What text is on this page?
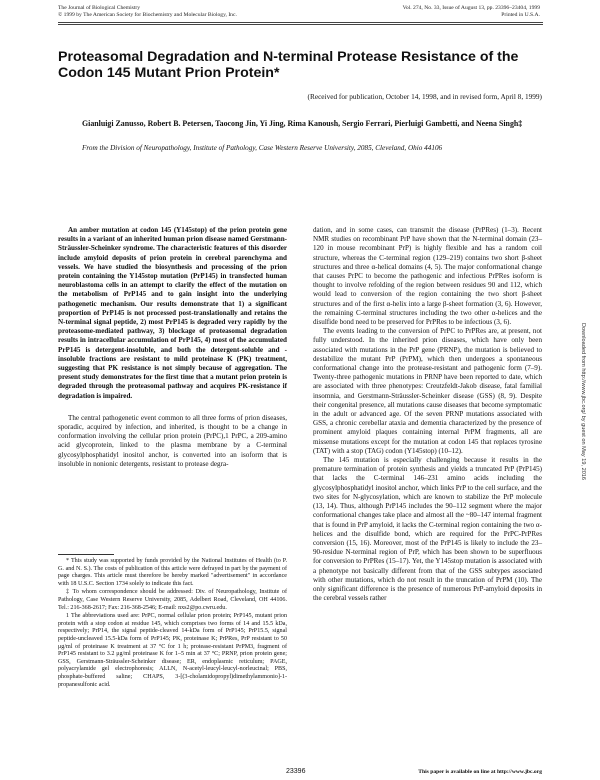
The Journal of Biological Chemistry
© 1999 by The American Society for Biochemistry and Molecular Biology, Inc.
Vol. 274, No. 33, Issue of August 13, pp. 23396–23404, 1999
Printed in U.S.A.
Proteasomal Degradation and N-terminal Protease Resistance of the Codon 145 Mutant Prion Protein*
(Received for publication, October 14, 1998, and in revised form, April 8, 1999)
Gianluigi Zanusso, Robert B. Petersen, Taocong Jin, Yi Jing, Rima Kanoush, Sergio Ferrari, Pierluigi Gambetti, and Neena Singh‡
From the Division of Neuropathology, Institute of Pathology, Case Western Reserve University, 2085, Cleveland, Ohio 44106

An amber mutation at codon 145 (Y145stop) of the prion protein gene results in a variant of an inherited human prion disease named Gerstmann-Sträussler-Scheinker syndrome. The characteristic features of this disorder include amyloid deposits of prion protein in cerebral parenchyma and vessels. We have studied the biosynthesis and processing of the prion protein containing the Y145stop mutation (PrP145) in transfected human neuroblastoma cells in an attempt to clarify the effect of the mutation on the metabolism of PrP145 and to gain insight into the underlying pathogenetic mechanism. Our results demonstrate that 1) a significant proportion of PrP145 is not processed post-translationally and retains the N-terminal signal peptide, 2) most PrP145 is degraded very rapidly by the proteasome-mediated pathway, 3) blockage of proteasomal degradation results in intracellular accumulation of PrP145, 4) most of the accumulated PrP145 is detergent-insoluble, and both the detergent-soluble and -insoluble fractions are resistant to mild proteinase K (PK) treatment, suggesting that PK resistance is not simply because of aggregation. The present study demonstrates for the first time that a mutant prion protein is degraded through the proteasomal pathway and acquires PK-resistance if degradation is impaired.

The central pathogenetic event common to all three forms of prion diseases, sporadic, acquired by infection, and inherited, is thought to be a change in conformation involving the cellular prion protein (PrPC),1 PrPC, a 209-amino acid glycoprotein, linked to the plasma membrane by a C-terminal glycosylphosphatidyl inositol anchor, is converted into an isoform that is insoluble in nonionic detergents, resistant to protease degra-

* This study was supported by funds provided by the National Institutes of Health (to P. G. and N. S.). The costs of publication of this article were defrayed in part by the payment of page charges. This article must therefore be hereby marked "advertisement" in accordance with 18 U.S.C. Section 1734 solely to indicate this fact.

‡ To whom correspondence should be addressed: Div. of Neuropathology, Institute of Pathology, Case Western Reserve University, 2085, Adelbert Road, Cleveland, OH 44106. Tel.: 216-368-2617; Fax: 216-368-2546; E-mail: nxs2@po.cwru.edu.

1 The abbreviations used are: PrPC, normal cellular prion protein; PrP145, mutant prion protein with a stop codon at residue 145, which comprises two forms of 14 and 15.5 kDa, respectively; PrP14, the signal peptide-cleaved 14-kDa form of PrP145; PrP15.5, signal peptide-uncleaved 15.5-kDa form of PrP145; PK, proteinase K; PrPRes, PrP resistant to 50 μg/ml of proteinase K treatment at 37 °C for 1 h; protease-resistant PrPM3, fragment of PrP145 resistant to 3.2 μg/ml proteinase K for 1–5 min at 37 °C; PRNP, prion protein gene; GSS, Gerstmann-Sträussler-Scheinker disease; ER, endoplasmic reticulum; PAGE, polyacrylamide gel electrophoresis; ALLN, N-acetyl-leucyl-leucyl-norleucinal; PBS, phosphate-buffered saline; CHAPS, 3-[(3-cholamidopropyl)dimethylammonio]-1-propanesulfonic acid.

dation, and in some cases, can transmit the disease (PrPRes) (1–3). Recent NMR studies on recombinant PrP have shown that the N-terminal domain (23–120 in mouse recombinant PrP) is highly flexible and has a random coil structure, whereas the C-terminal region (129–219) contains two short β-sheet structures and three α-helical domains (4, 5). The major conformational change that causes PrPC to become the pathogenic and infectious PrPRes isoform is thought to involve refolding of the region between residues 90 and 112, which would lead to conversion of the region containing the two short β-sheet structures and of the first α-helix into a large β-sheet formation (3, 6). However, the remaining C-terminal structures including the two other α-helices and the disulfide bond need to be preserved for PrPRes to be infectious (3, 6).

The events leading to the conversion of PrPC to PrPRes are, at present, not fully understood. In the inherited prion diseases, which have only been associated with mutations in the PrP gene (PRNP), the mutation is believed to destabilize the mutant PrP (PrPM), which then undergoes a spontaneous conformational change into the protease-resistant and pathogenic form (7–9). Twenty-three pathogenic mutations in PRNP have been reported to date, which are associated with three phenotypes: Creutzfeldt-Jakob disease, fatal familial insomnia, and Gerstmann-Sträussler-Scheinker disease (GSS) (8, 9). Despite their congenital presence, all mutations cause diseases that become symptomatic in the adult or advanced age. Of the seven PRNP mutations associated with GSS, a chronic cerebellar ataxia and dementia characterized by the presence of prominent amyloid plaques containing internal PrPM fragments, all are missense mutations except for the mutation at codon 145 that replaces tyrosine (TAT) with a stop (TAG) codon (Y145stop) (10–12).

The 145 mutation is especially challenging because it results in the premature termination of protein synthesis and yields a truncated PrP (PrP145) that lacks the C-terminal 146–231 amino acids including the glycosylphosphatidyl inositol anchor, which links PrP to the cell surface, and the two sites for N-glycosylation, which are known to stabilize the PrP molecule (13, 14). Thus, although PrP145 includes the 90–112 segment where the major conformational changes take place and almost all the ~80–147 internal fragment that is found in PrP amyloid, it lacks the C-terminal region containing the two α-helices and the disulfide bond, which are required for the PrPC-PrPRes conversion (15, 16). Moreover, most of the PrP145 is likely to include the 23–90-residue N-terminal region of PrP, which has been shown to be superfluous for conversion to PrPRes (15–17). Yet, the Y145stop mutation is associated with a phenotype not basically different from that of the GSS subtypes associated with other mutations, which do not result in the truncation of PrPM (10). The only significant difference is the presence of numerous PrP-amyloid deposits in the cerebral vessels rather

Downloaded from http://www.jbc.org/ by guest on May 19, 2016
23396	This paper is available on line at http://www.jbc.org
